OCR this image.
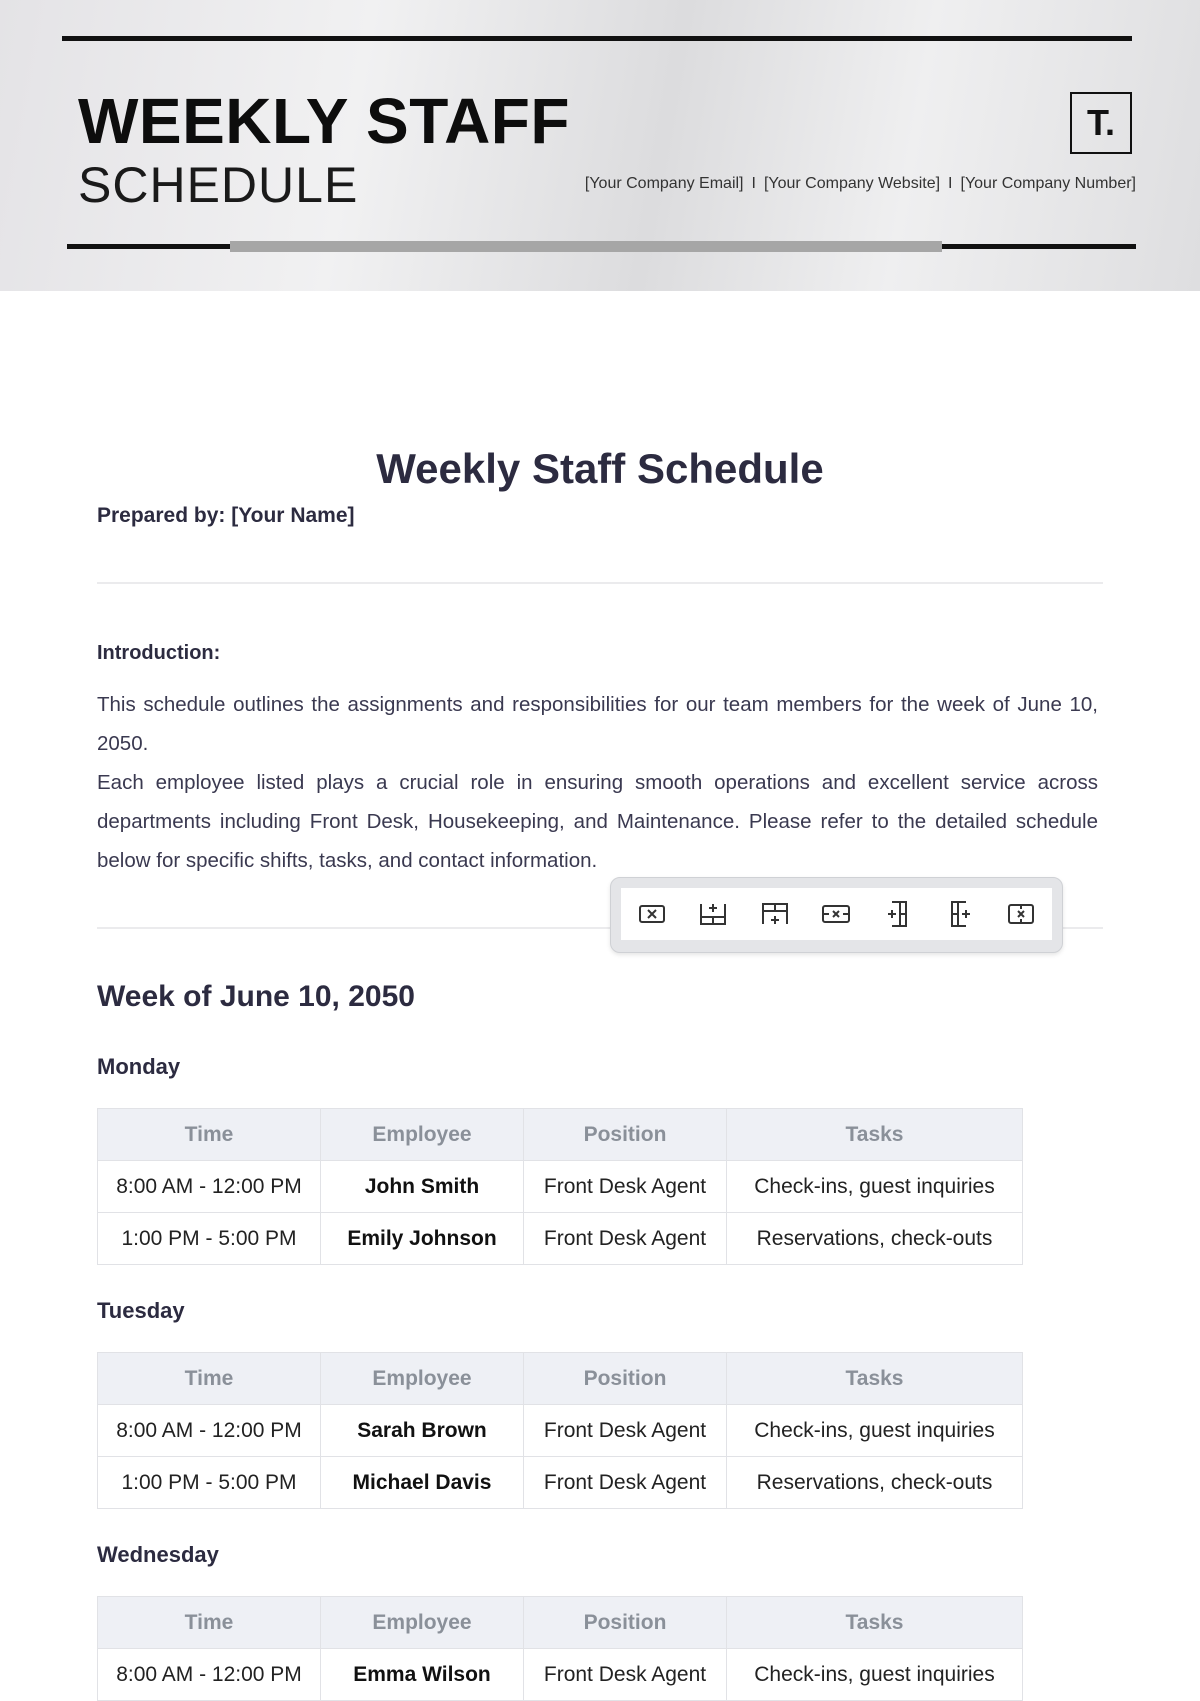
WEEKLY STAFF
SCHEDULE
T.
[Your Company Email] I [Your Company Website] I [Your Company Number]
Weekly Staff Schedule
Prepared by: [Your Name]
Introduction:
This schedule outlines the assignments and responsibilities for our team members for the week of June 10, 2050.
Each employee listed plays a crucial role in ensuring smooth operations and excellent service across departments including Front Desk, Housekeeping, and Maintenance. Please refer to the detailed schedule below for specific shifts, tasks, and contact information.
Week of June 10, 2050
Monday
Time	Employee	Position	Tasks
8:00 AM - 12:00 PM	John Smith	Front Desk Agent	Check-ins, guest inquiries
1:00 PM - 5:00 PM	Emily Johnson	Front Desk Agent	Reservations, check-outs
Tuesday
Time	Employee	Position	Tasks
8:00 AM - 12:00 PM	Sarah Brown	Front Desk Agent	Check-ins, guest inquiries
1:00 PM - 5:00 PM	Michael Davis	Front Desk Agent	Reservations, check-outs
Wednesday
Time	Employee	Position	Tasks
8:00 AM - 12:00 PM	Emma Wilson	Front Desk Agent	Check-ins, guest inquiries
